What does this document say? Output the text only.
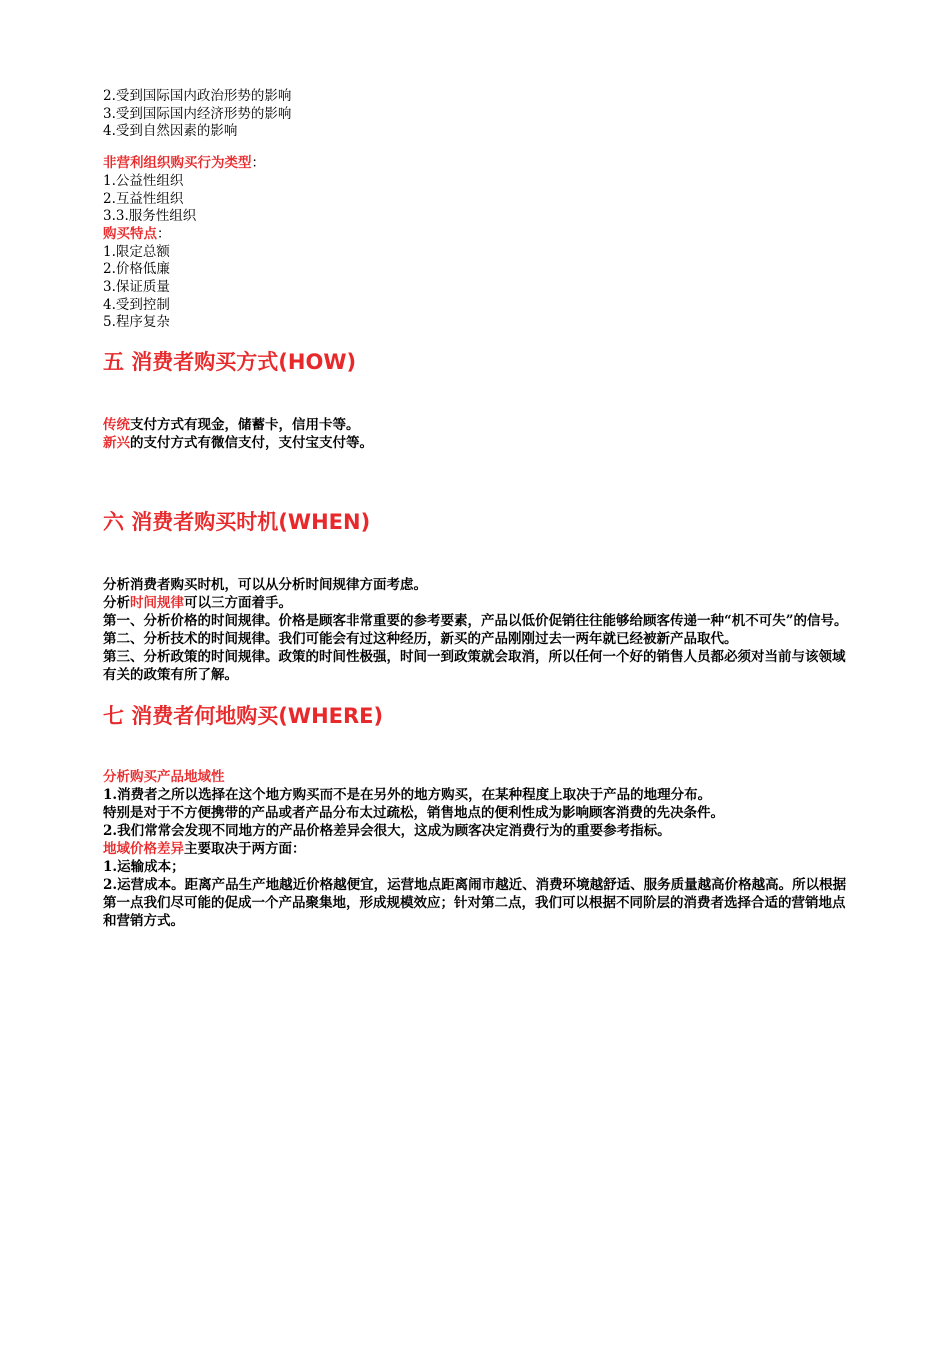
2.受到国际国内政治形势的影响
3.受到国际国内经济形势的影响
4.受到自然因素的影响
非营利组织购买行为类型：
1.公益性组织
2.互益性组织
3.3.服务性组织
购买特点：
1.限定总额
2.价格低廉
3.保证质量
4.受到控制
5.程序复杂
五 消费者购买方式(HOW)
传统支付方式有现金，储蓄卡，信用卡等。
新兴的支付方式有微信支付，支付宝支付等。
六 消费者购买时机(WHEN)
分析消费者购买时机，可以从分析时间规律方面考虑。
分析时间规律可以三方面着手。
第一、分析价格的时间规律。价格是顾客非常重要的参考要素，产品以低价促销往往能够给顾客传递一种“机不可失”的信号。
第二、分析技术的时间规律。我们可能会有过这种经历，新买的产品刚刚过去一两年就已经被新产品取代。
第三、分析政策的时间规律。政策的时间性极强，时间一到政策就会取消，所以任何一个好的销售人员都必须对当前与该领域有关的政策有所了解。
七 消费者何地购买(WHERE)
分析购买产品地域性
1.消费者之所以选择在这个地方购买而不是在另外的地方购买，在某种程度上取决于产品的地理分布。
特别是对于不方便携带的产品或者产品分布太过疏松，销售地点的便利性成为影响顾客消费的先决条件。
2.我们常常会发现不同地方的产品价格差异会很大，这成为顾客决定消费行为的重要参考指标。
地域价格差异主要取决于两方面：
1.运输成本；
2.运营成本。距离产品生产地越近价格越便宜，运营地点距离闹市越近、消费环境越舒适、服务质量越高价格越高。所以根据第一点我们尽可能的促成一个产品聚集地，形成规模效应；针对第二点，我们可以根据不同阶层的消费者选择合适的营销地点和营销方式。
